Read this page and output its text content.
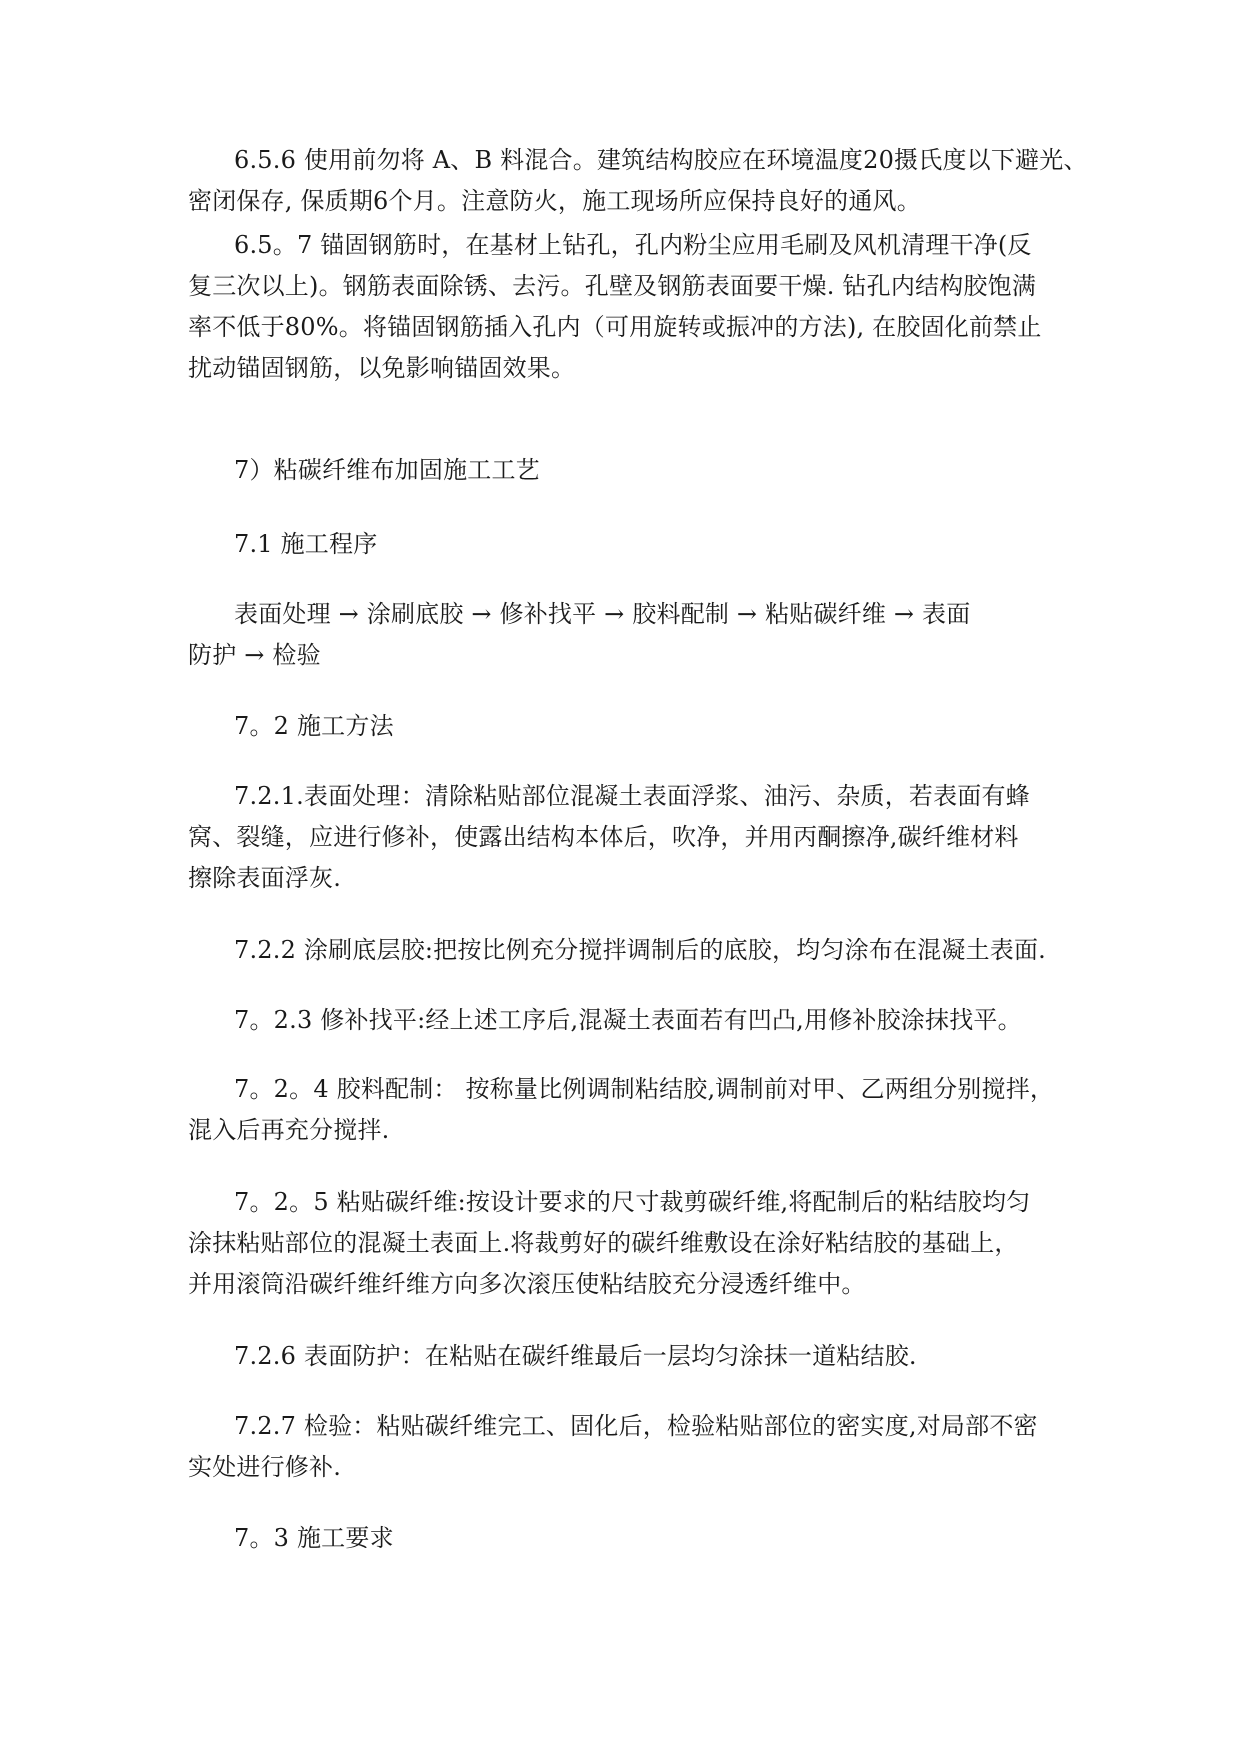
6.5.6 使用前勿将 A、B 料混合。建筑结构胶应在环境温度20摄氏度以下避光、
密闭保存, 保质期6个月。注意防火，施工现场所应保持良好的通风。

6.5。7 锚固钢筋时，在基材上钻孔，孔内粉尘应用毛刷及风机清理干净(反
复三次以上)。钢筋表面除锈、去污。孔壁及钢筋表面要干燥. 钻孔内结构胶饱满
率不低于80%。将锚固钢筋插入孔内（可用旋转或振冲的方法), 在胶固化前禁止
扰动锚固钢筋，以免影响锚固效果。

7）粘碳纤维布加固施工工艺

7.1 施工程序

表面处理 → 涂刷底胶 → 修补找平 → 胶料配制 → 粘贴碳纤维 → 表面
防护 → 检验

7。2 施工方法

7.2.1.表面处理：清除粘贴部位混凝土表面浮浆、油污、杂质，若表面有蜂
窝、裂缝，应进行修补，使露出结构本体后，吹净，并用丙酮擦净,碳纤维材料
擦除表面浮灰.

7.2.2 涂刷底层胶:把按比例充分搅拌调制后的底胶，均匀涂布在混凝土表面.

7。2.3 修补找平:经上述工序后,混凝土表面若有凹凸,用修补胶涂抹找平。

7。2。4 胶料配制： 按称量比例调制粘结胶,调制前对甲、乙两组分别搅拌，
混入后再充分搅拌.

7。2。5 粘贴碳纤维:按设计要求的尺寸裁剪碳纤维,将配制后的粘结胶均匀
涂抹粘贴部位的混凝土表面上.将裁剪好的碳纤维敷设在涂好粘结胶的基础上，
并用滚筒沿碳纤维纤维方向多次滚压使粘结胶充分浸透纤维中。

7.2.6 表面防护：在粘贴在碳纤维最后一层均匀涂抹一道粘结胶.

7.2.7 检验：粘贴碳纤维完工、固化后，检验粘贴部位的密实度,对局部不密
实处进行修补.

7。3 施工要求
